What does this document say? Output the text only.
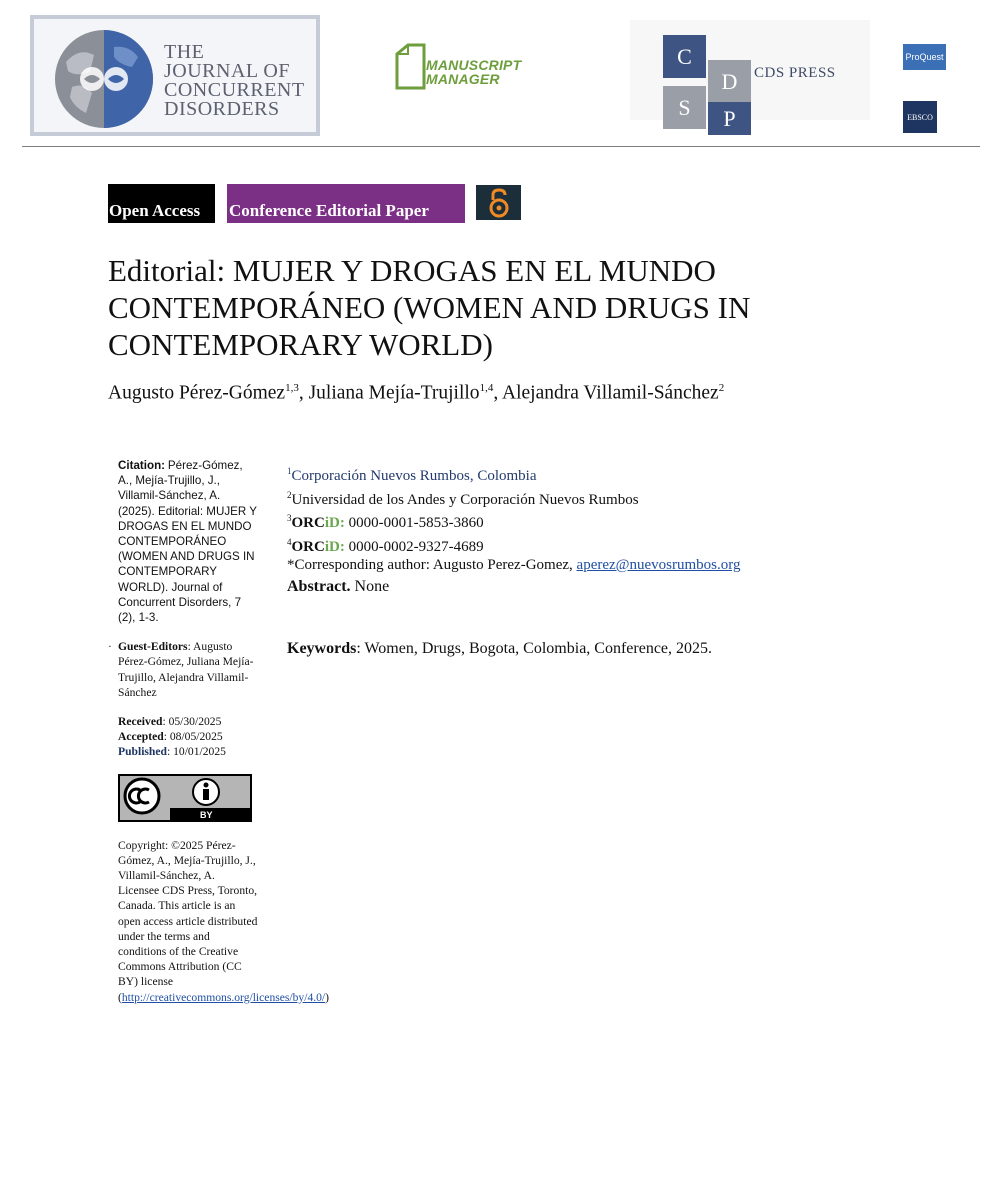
THE
JOURNAL OF
CONCURRENT
DISORDERS
MANUSCRIPT
MANAGER
C
D
S	P
CDS PRESS
ProQuest
EBSCO
Open Access	Conference Editorial Paper
Editorial: MUJER Y DROGAS EN EL MUNDO CONTEMPORÁNEO (WOMEN AND DRUGS IN CONTEMPORARY WORLD)
Augusto Pérez-Gómez$^{1,3}$, Juliana Mejía-Trujillo$^{1,4}$, Alejandra Villamil-Sánchez$^2$
Citation: Pérez-Gómez, A., Mejía-Trujillo, J., Villamil-Sánchez, A. (2025). Editorial: MUJER Y DROGAS EN EL MUNDO CONTEMPORÁNEO (WOMEN AND DRUGS IN CONTEMPORARY WORLD). Journal of Concurrent Disorders, 7 (2), 1-3.
· Guest-Editors: Augusto Pérez-Gómez, Juliana Mejía-Trujillo, Alejandra Villamil-Sánchez
Received: 05/30/2025
Accepted: 08/05/2025
Published: 10/01/2025
BY
Copyright: ©2025 Pérez-Gómez, A., Mejía-Trujillo, J., Villamil-Sánchez, A. Licensee CDS Press, Toronto, Canada. This article is an open access article distributed under the terms and conditions of the Creative Commons Attribution (CC BY) license (http://creativecommons.org/licenses/by/4.0/)
$^1$Corporación Nuevos Rumbos, Colombia
$^2$Universidad de los Andes y Corporación Nuevos Rumbos
$^3$ORCiD: 0000-0001-5853-3860
$^4$ORCiD: 0000-0002-9327-4689
*Corresponding author: Augusto Perez-Gomez, aperez@nuevosrumbos.org
Abstract. None
Keywords: Women, Drugs, Bogota, Colombia, Conference, 2025.
